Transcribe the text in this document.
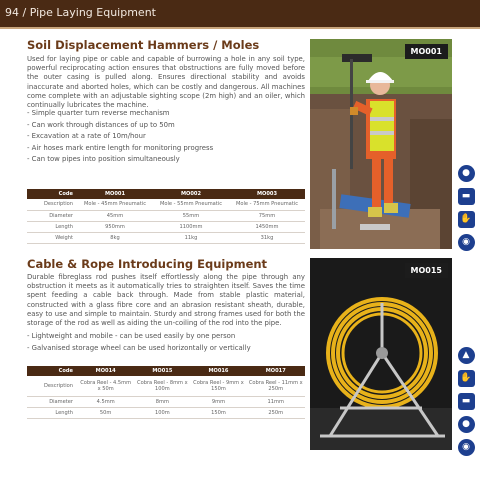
94 / Pipe Laying Equipment
Soil Displacement Hammers / Moles
Used for laying pipe or cable and capable of burrowing a hole in any soil type, powerful reciprocating action ensures that obstructions are fully moved before the outer casing is pulled along. Ensures directional stability and avoids inaccurate and aborted holes, which can be costly and dangerous. All machines come complete with an adjustable sighting scope (2m high) and an oiler, which continually lubricates the machine.
- Simple quarter turn reverse mechanism
- Can work through distances of up to 50m
- Excavation at a rate of 10m/hour
- Air hoses mark entire length for monitoring progress
- Can tow pipes into position simultaneously
Code	MO001	MO002	MO003
Description	Mole - 45mm Pneumatic	Mole - 55mm Pneumatic	Mole - 75mm Pneumatic
Diameter	45mm	55mm	75mm
Length	950mm	1100mm	1450mm
Weight	8kg	11kg	31kg
MO001
●
▬
✋
◉
Cable & Rope Introducing Equipment
Durable fibreglass rod pushes itself effortlessly along the pipe through any obstruction it meets as it automatically tries to straighten itself. Saves the time spent feeding a cable back through. Made from stable plastic material, constructed with a glass fibre core and an abrasion resistant sheath, durable, easy to use and simple to maintain. Sturdy and strong frames used for both the storage of the rod as well as aiding the un-coiling of the rod into the pipe.
- Lightweight and mobile - can be used easily by one person
- Galvanised storage wheel can be used horizontally or vertically
Code	MO014	MO015	MO016	MO017
Description	Cobra Reel - 4.5mm x 50m	Cobra Reel - 8mm x 100m	Cobra Reel - 9mm x 150m	Cobra Reel - 11mm x 250m
Diameter	4.5mm	8mm	9mm	11mm
Length	50m	100m	150m	250m
MO015
▲
✋
▬
●
◉
